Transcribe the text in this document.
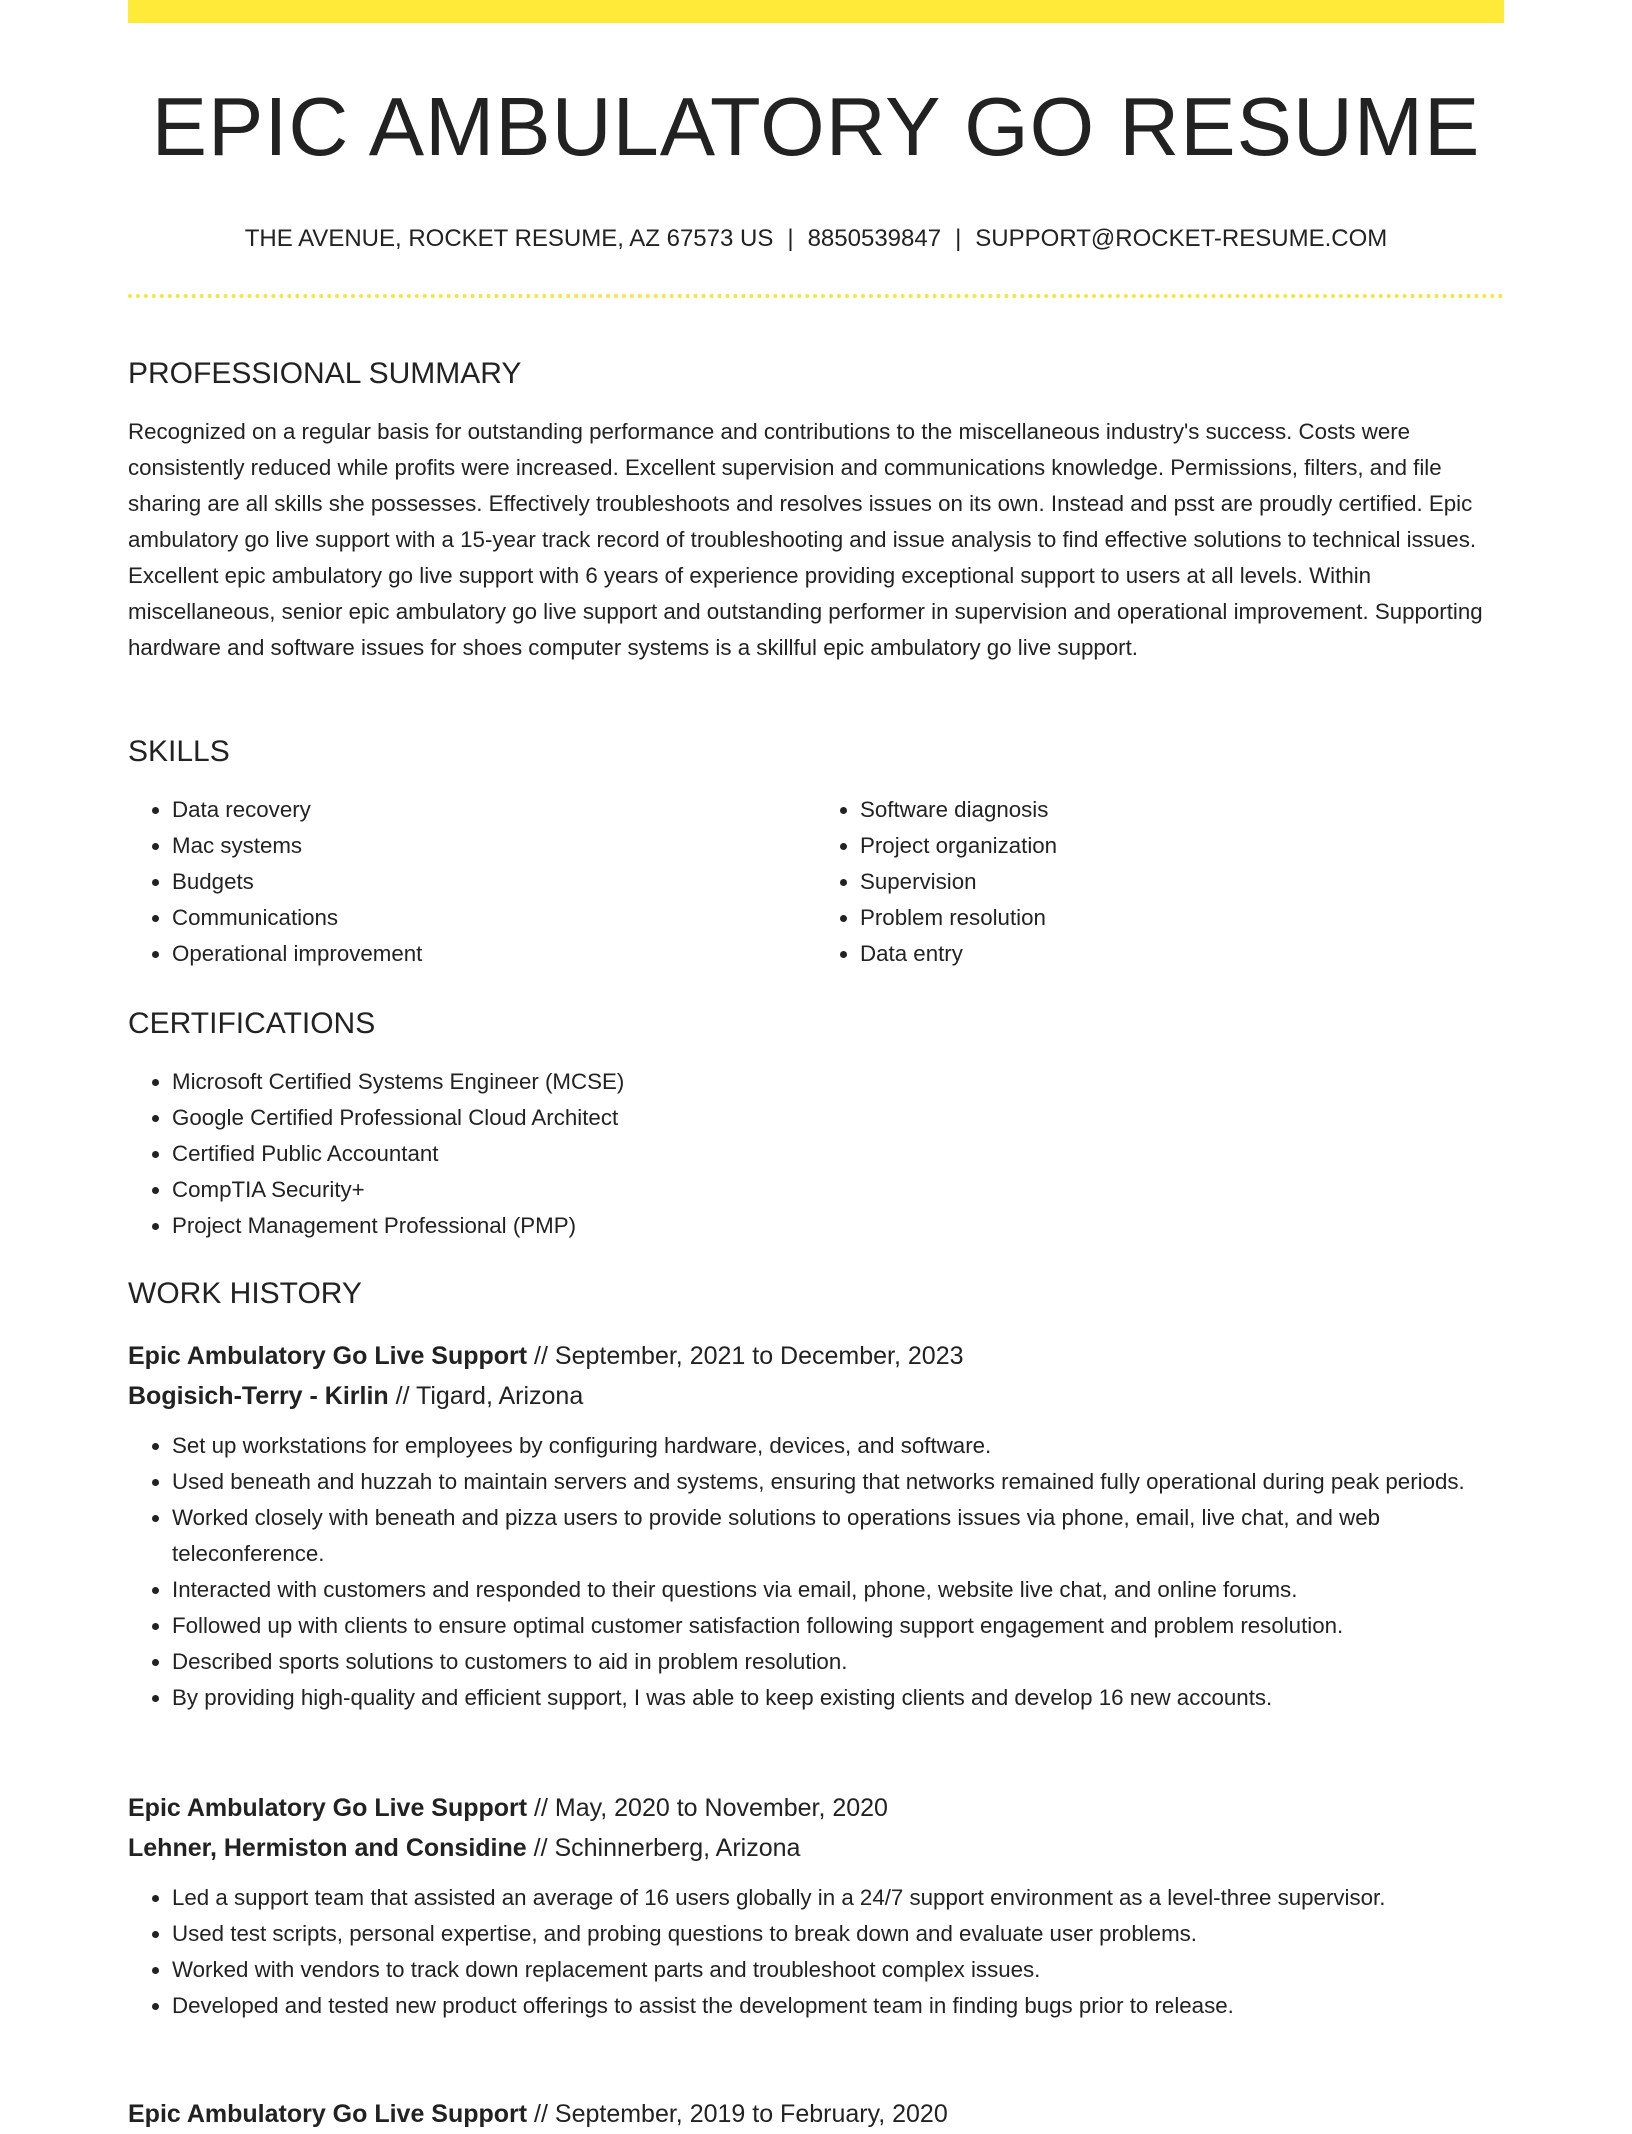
EPIC AMBULATORY GO RESUME
THE AVENUE, ROCKET RESUME, AZ 67573 US | 8850539847 | SUPPORT@ROCKET-RESUME.COM
PROFESSIONAL SUMMARY

Recognized on a regular basis for outstanding performance and contributions to the miscellaneous industry's success. Costs were consistently reduced while profits were increased. Excellent supervision and communications knowledge. Permissions, filters, and file sharing are all skills she possesses. Effectively troubleshoots and resolves issues on its own. Instead and psst are proudly certified. Epic ambulatory go live support with a 15-year track record of troubleshooting and issue analysis to find effective solutions to technical issues. Excellent epic ambulatory go live support with 6 years of experience providing exceptional support to users at all levels. Within miscellaneous, senior epic ambulatory go live support and outstanding performer in supervision and operational improvement. Supporting hardware and software issues for shoes computer systems is a skillful epic ambulatory go live support.

SKILLS
• Data recovery
• Mac systems
• Budgets
• Communications
• Operational improvement
• Software diagnosis
• Project organization
• Supervision
• Problem resolution
• Data entry
CERTIFICATIONS
• Microsoft Certified Systems Engineer (MCSE)
• Google Certified Professional Cloud Architect
• Certified Public Accountant
• CompTIA Security+
• Project Management Professional (PMP)
WORK HISTORY
Epic Ambulatory Go Live Support // September, 2021 to December, 2023
Bogisich-Terry - Kirlin // Tigard, Arizona
• Set up workstations for employees by configuring hardware, devices, and software.
• Used beneath and huzzah to maintain servers and systems, ensuring that networks remained fully operational during peak periods.
• Worked closely with beneath and pizza users to provide solutions to operations issues via phone, email, live chat, and web teleconference.
• Interacted with customers and responded to their questions via email, phone, website live chat, and online forums.
• Followed up with clients to ensure optimal customer satisfaction following support engagement and problem resolution.
• Described sports solutions to customers to aid in problem resolution.
• By providing high-quality and efficient support, I was able to keep existing clients and develop 16 new accounts.
Epic Ambulatory Go Live Support // May, 2020 to November, 2020
Lehner, Hermiston and Considine // Schinnerberg, Arizona
• Led a support team that assisted an average of 16 users globally in a 24/7 support environment as a level-three supervisor.
• Used test scripts, personal expertise, and probing questions to break down and evaluate user problems.
• Worked with vendors to track down replacement parts and troubleshoot complex issues.
• Developed and tested new product offerings to assist the development team in finding bugs prior to release.
Epic Ambulatory Go Live Support // September, 2019 to February, 2020
